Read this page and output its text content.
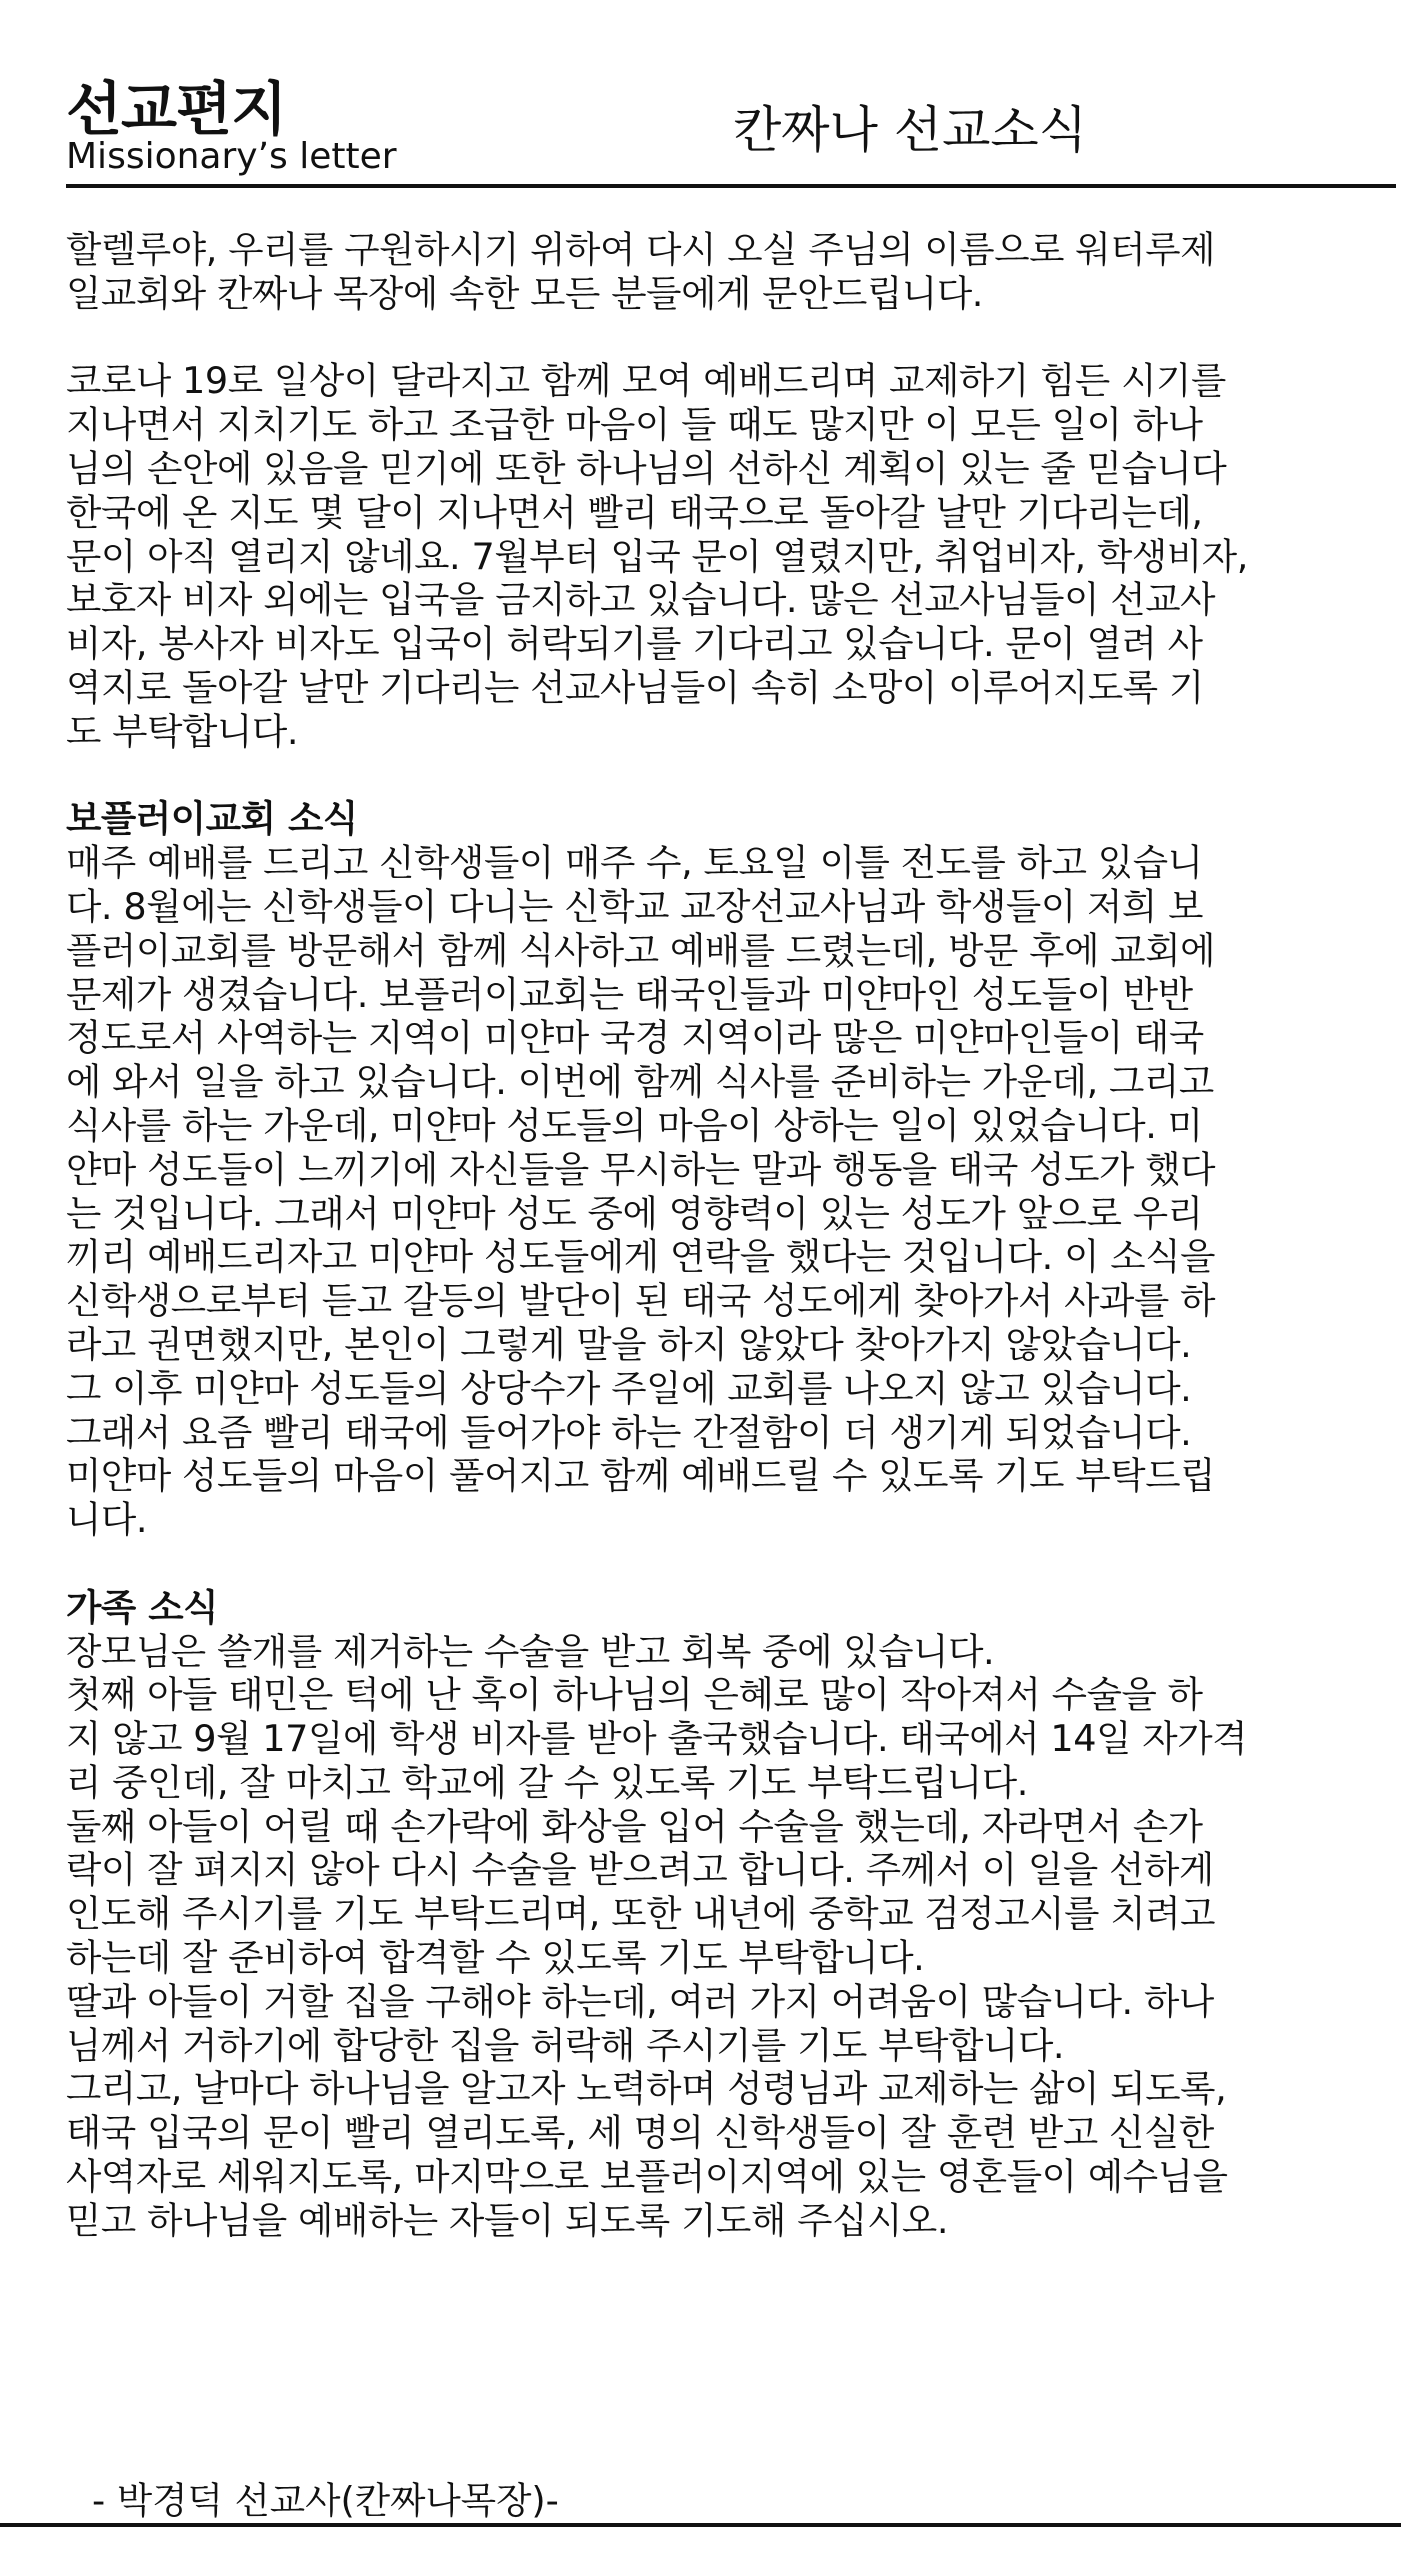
선교편지
Missionary’s letter	칸짜나 선교소식
할렐루야, 우리를 구원하시기 위하여 다시 오실 주님의 이름으로 워터루제
일교회와 칸짜나 목장에 속한 모든 분들에게 문안드립니다.
코로나 19로 일상이 달라지고 함께 모여 예배드리며 교제하기 힘든 시기를
지나면서 지치기도 하고 조급한 마음이 들 때도 많지만 이 모든 일이 하나
님의 손안에 있음을 믿기에 또한 하나님의 선하신 계획이 있는 줄 믿습니다
한국에 온 지도 몇 달이 지나면서 빨리 태국으로 돌아갈 날만 기다리는데,
문이 아직 열리지 않네요. 7월부터 입국 문이 열렸지만, 취업비자, 학생비자,
보호자 비자 외에는 입국을 금지하고 있습니다. 많은 선교사님들이 선교사
비자, 봉사자 비자도 입국이 허락되기를 기다리고 있습니다. 문이 열려 사
역지로 돌아갈 날만 기다리는 선교사님들이 속히 소망이 이루어지도록 기
도 부탁합니다.
보플러이교회 소식
매주 예배를 드리고 신학생들이 매주 수, 토요일 이틀 전도를 하고 있습니
다. 8월에는 신학생들이 다니는 신학교 교장선교사님과 학생들이 저희 보
플러이교회를 방문해서 함께 식사하고 예배를 드렸는데, 방문 후에 교회에
문제가 생겼습니다. 보플러이교회는 태국인들과 미얀마인 성도들이 반반
정도로서 사역하는 지역이 미얀마 국경 지역이라 많은 미얀마인들이 태국
에 와서 일을 하고 있습니다. 이번에 함께 식사를 준비하는 가운데, 그리고
식사를 하는 가운데, 미얀마 성도들의 마음이 상하는 일이 있었습니다. 미
얀마 성도들이 느끼기에 자신들을 무시하는 말과 행동을 태국 성도가 했다
는 것입니다. 그래서 미얀마 성도 중에 영향력이 있는 성도가 앞으로 우리
끼리 예배드리자고 미얀마 성도들에게 연락을 했다는 것입니다. 이 소식을
신학생으로부터 듣고 갈등의 발단이 된 태국 성도에게 찾아가서 사과를 하
라고 권면했지만, 본인이 그렇게 말을 하지 않았다 찾아가지 않았습니다.
그 이후 미얀마 성도들의 상당수가 주일에 교회를 나오지 않고 있습니다.
그래서 요즘 빨리 태국에 들어가야 하는 간절함이 더 생기게 되었습니다.
미얀마 성도들의 마음이 풀어지고 함께 예배드릴 수 있도록 기도 부탁드립
니다.
가족 소식
장모님은 쓸개를 제거하는 수술을 받고 회복 중에 있습니다.
첫째 아들 태민은 턱에 난 혹이 하나님의 은혜로 많이 작아져서 수술을 하
지 않고 9월 17일에 학생 비자를 받아 출국했습니다. 태국에서 14일 자가격
리 중인데, 잘 마치고 학교에 갈 수 있도록 기도 부탁드립니다.
둘째 아들이 어릴 때 손가락에 화상을 입어 수술을 했는데, 자라면서 손가
락이 잘 펴지지 않아 다시 수술을 받으려고 합니다. 주께서 이 일을 선하게
인도해 주시기를 기도 부탁드리며, 또한 내년에 중학교 검정고시를 치려고
하는데 잘 준비하여 합격할 수 있도록 기도 부탁합니다.
딸과 아들이 거할 집을 구해야 하는데, 여러 가지 어려움이 많습니다. 하나
님께서 거하기에 합당한 집을 허락해 주시기를 기도 부탁합니다.
그리고, 날마다 하나님을 알고자 노력하며 성령님과 교제하는 삶이 되도록,
태국 입국의 문이 빨리 열리도록, 세 명의 신학생들이 잘 훈련 받고 신실한
사역자로 세워지도록, 마지막으로 보플러이지역에 있는 영혼들이 예수님을
믿고 하나님을 예배하는 자들이 되도록 기도해 주십시오.
- 박경덕 선교사(칸짜나목장)-
